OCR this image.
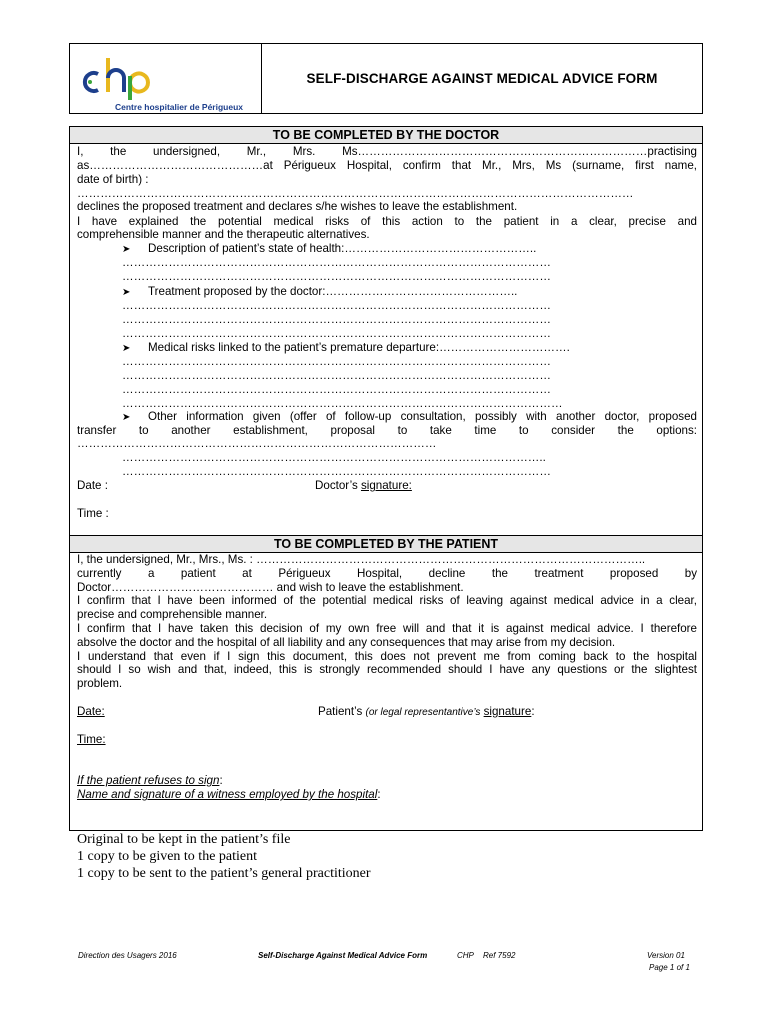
Centre hospitalier de Périgueux
SELF-DISCHARGE AGAINST MEDICAL ADVICE FORM
TO BE COMPLETED BY THE DOCTOR
I, the undersigned, Mr., Mrs. Ms…………………………………………………………………practising
as………………………………………at Périgueux Hospital, confirm that Mr., Mrs, Ms (surname, first name,
date of birth) :
………………………………………………………………………………………………………………………………
declines the proposed treatment and declares s/he wishes to leave the establishment.
I have explained the potential medical risks of this action to the patient in a clear, precise and
comprehensible manner and the therapeutic alternatives.
➤ Description of patient’s state of health:…………………………………………..
…………………………………………………………………………………………………
…………………………………………………………………………………………………
➤ Treatment proposed by the doctor:…………………………………………..
…………………………………………………………………………………………………
…………………………………………………………………………………………………
…………………………………………………………………………………………………
➤ Medical risks linked to the patient’s premature departure:…………………………….
…………………………………………………………………………………………………
…………………………………………………………………………………………………
…………………………………………………………………………………………………
……………………………………………………………………………………………………
➤ Other information given (offer of follow-up consultation, possibly with another doctor, proposed
transfer to another establishment, proposal to take time to consider the options:
…………………………………………………………………………………
………………………………………………………………………………………………..
…………………………………………………………………………………………………
Date :	Doctor’s signature:
Time :
TO BE COMPLETED BY THE PATIENT
I, the undersigned, Mr., Mrs., Ms. : ………………………………………………………………………………………..
currently a patient at Périgueux Hospital, decline the treatment proposed by
Doctor…………………………………… and wish to leave the establishment.
I confirm that I have been informed of the potential medical risks of leaving against medical advice in a clear,
precise and comprehensible manner.
I confirm that I have taken this decision of my own free will and that it is against medical advice. I therefore
absolve the doctor and the hospital of all liability and any consequences that may arise from my decision.
I understand that even if I sign this document, this does not prevent me from coming back to the hospital
should I so wish and that, indeed, this is strongly recommended should I have any questions or the slightest
problem.
Date:	Patient’s (or legal representantive’s signature:
Time:
If the patient refuses to sign:
Name and signature of a witness employed by the hospital:
Original to be kept in the patient’s file
1 copy to be given to the patient
1 copy to be sent to the patient’s general practitioner
Direction des Usagers 2016	Self-Discharge Against Medical Advice Form	CHP Ref 7592	Version 01
Page 1 of 1
